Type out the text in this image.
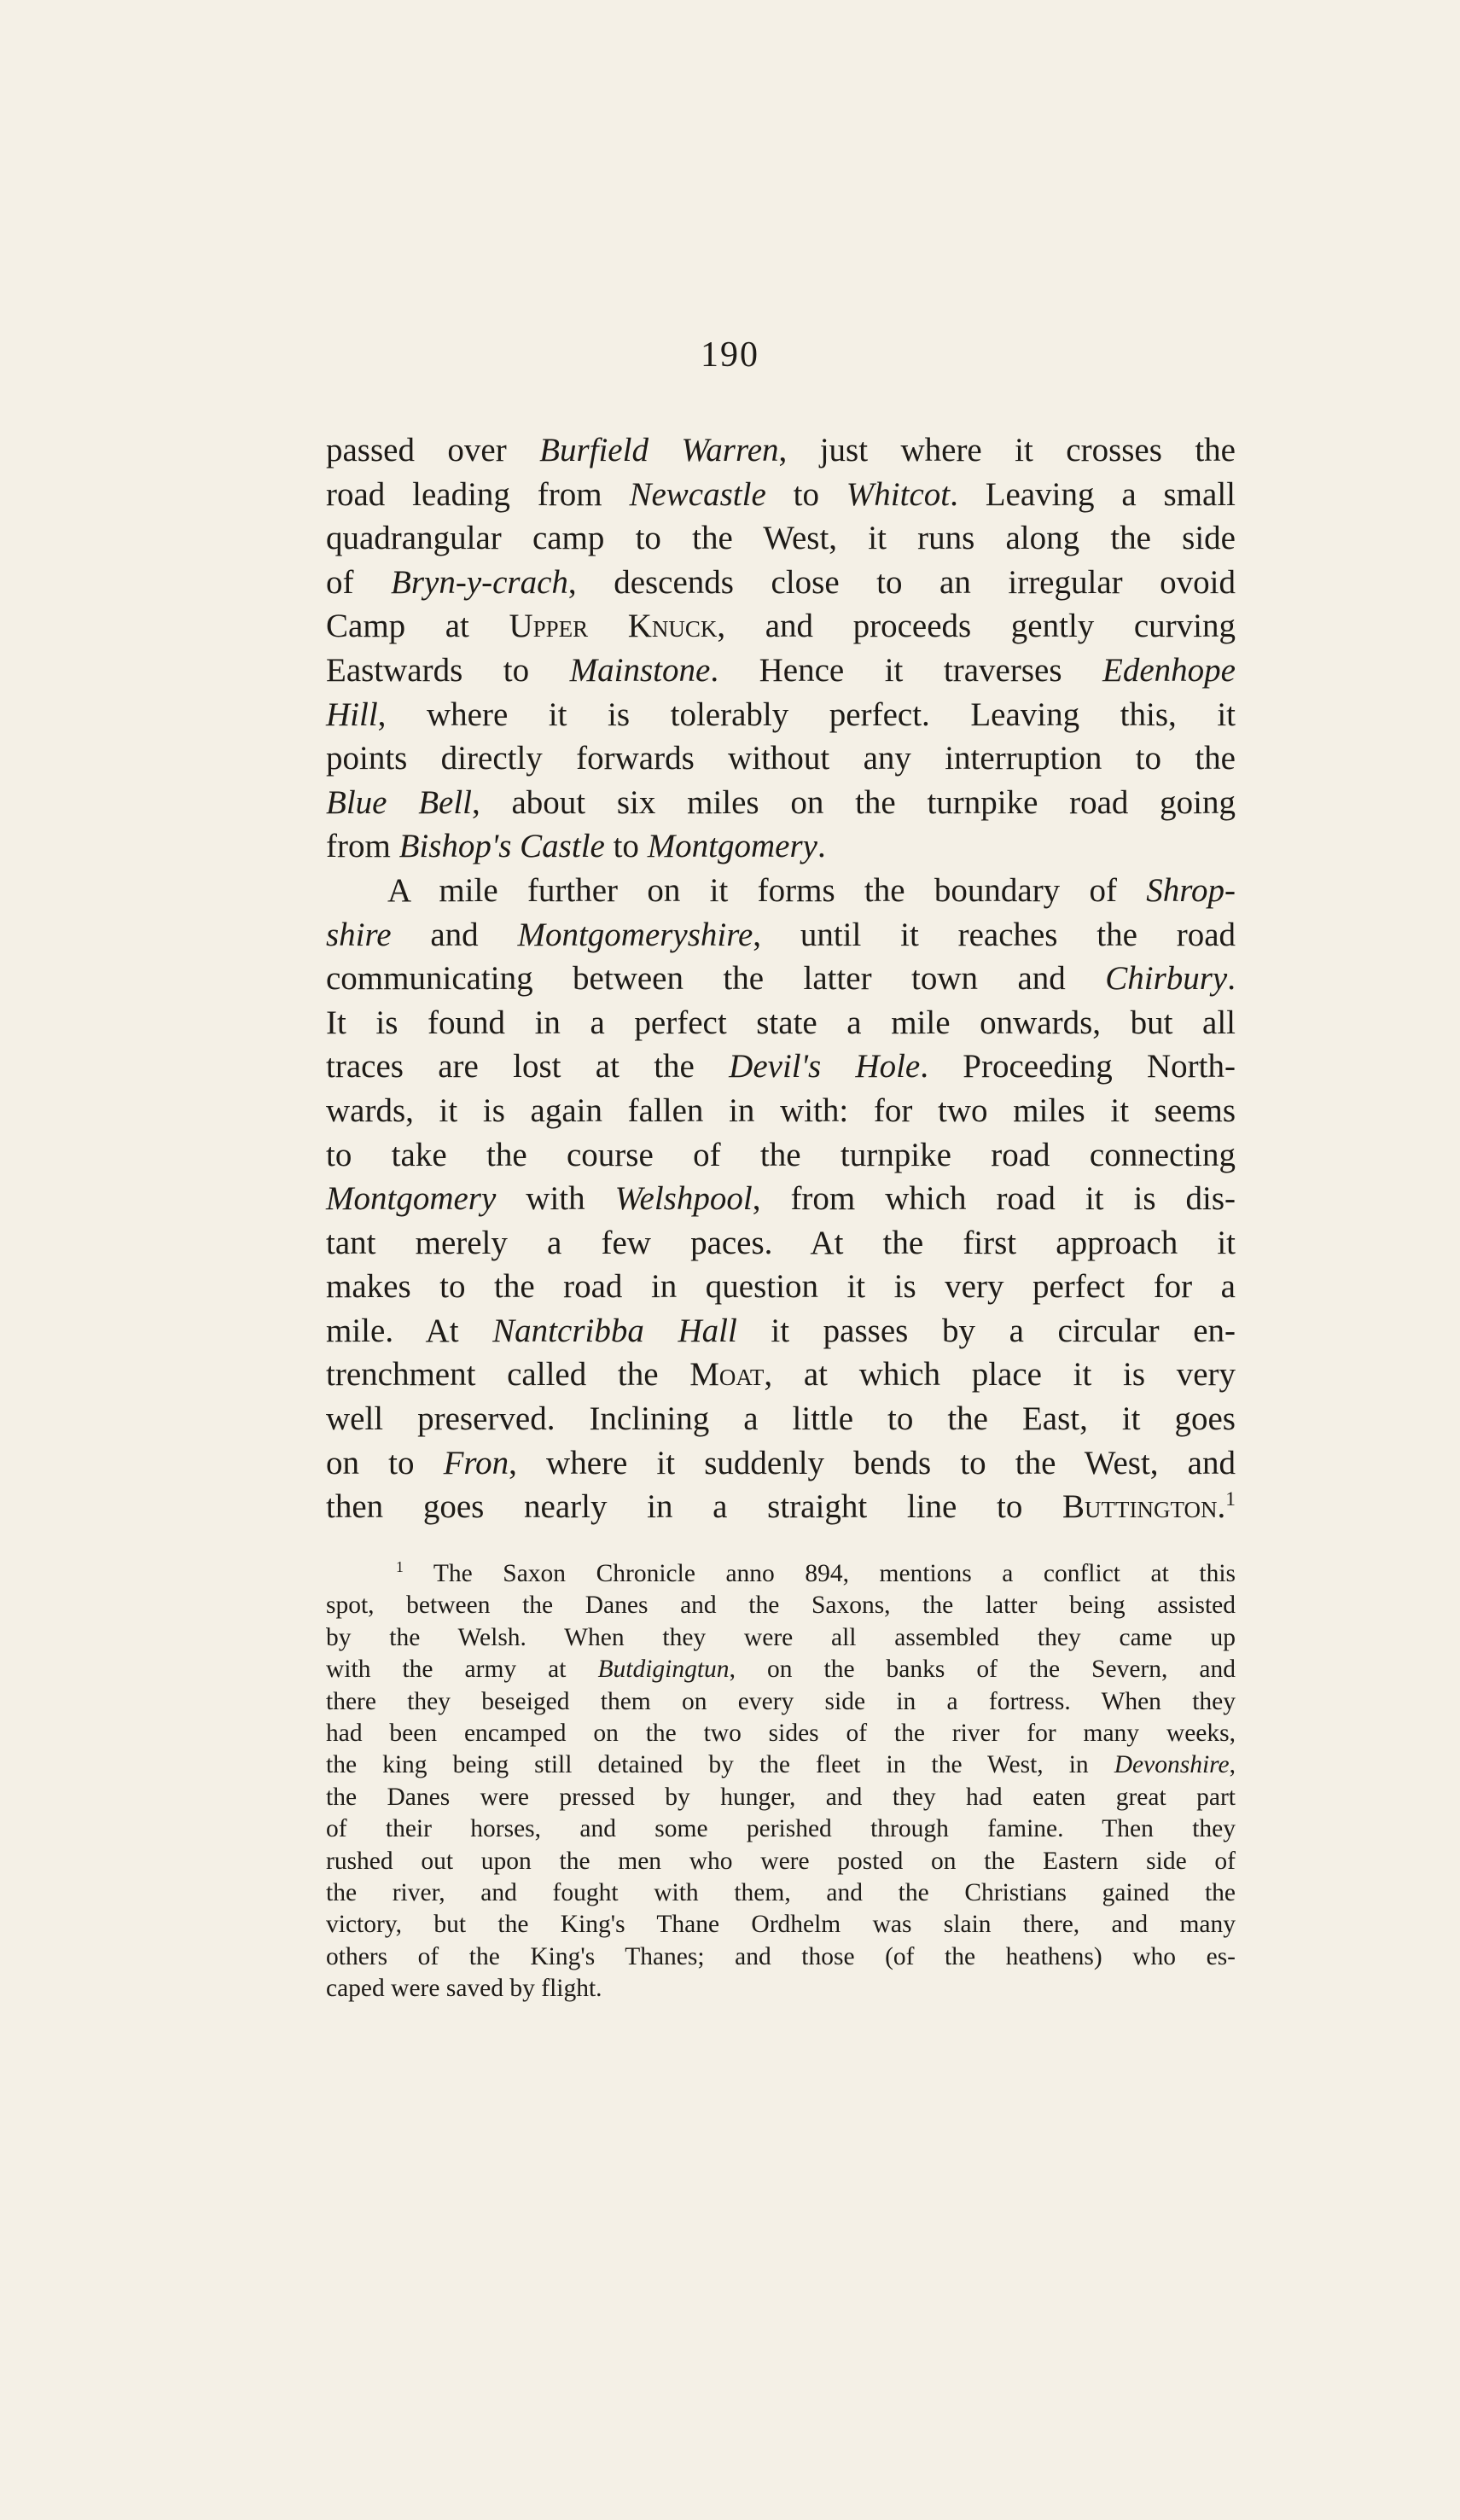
190
passed over Burfield Warren, just where it crosses the
road leading from Newcastle to Whitcot. Leaving a small
quadrangular camp to the West, it runs along the side
of Bryn-y-crach, descends close to an irregular ovoid
Camp at Upper Knuck, and proceeds gently curving
Eastwards to Mainstone. Hence it traverses Edenhope
Hill, where it is tolerably perfect. Leaving this, it
points directly forwards without any interruption to the
Blue Bell, about six miles on the turnpike road going
from Bishop's Castle to Montgomery.
A mile further on it forms the boundary of Shrop-
shire and Montgomeryshire, until it reaches the road
communicating between the latter town and Chirbury.
It is found in a perfect state a mile onwards, but all
traces are lost at the Devil's Hole. Proceeding North-
wards, it is again fallen in with: for two miles it seems
to take the course of the turnpike road connecting
Montgomery with Welshpool, from which road it is dis-
tant merely a few paces. At the first approach it
makes to the road in question it is very perfect for a
mile. At Nantcribba Hall it passes by a circular en-
trenchment called the Moat, at which place it is very
well preserved. Inclining a little to the East, it goes
on to Fron, where it suddenly bends to the West, and
then goes nearly in a straight line to Buttington.$^1$
$^1$ The Saxon Chronicle anno 894, mentions a conflict at this
spot, between the Danes and the Saxons, the latter being assisted
by the Welsh. When they were all assembled they came up
with the army at Butdigingtun, on the banks of the Severn, and
there they beseiged them on every side in a fortress. When they
had been encamped on the two sides of the river for many weeks,
the king being still detained by the fleet in the West, in Devonshire,
the Danes were pressed by hunger, and they had eaten great part
of their horses, and some perished through famine. Then they
rushed out upon the men who were posted on the Eastern side of
the river, and fought with them, and the Christians gained the
victory, but the King's Thane Ordhelm was slain there, and many
others of the King's Thanes; and those (of the heathens) who es-
caped were saved by flight.
